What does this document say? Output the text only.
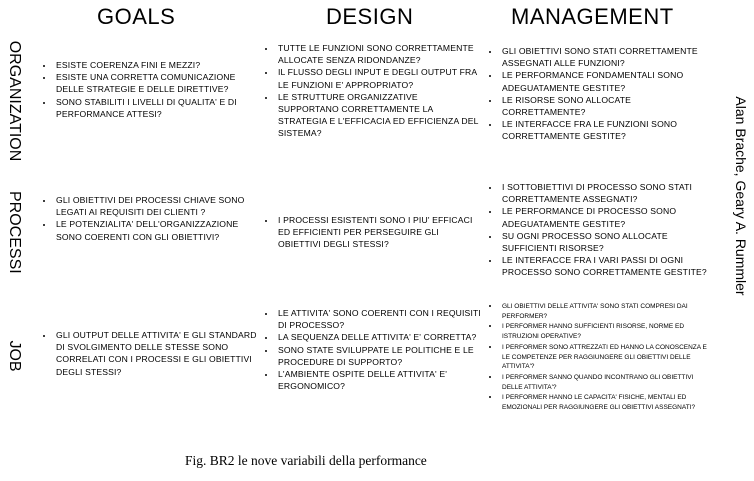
GOALS	DESIGN	MANAGEMENT
ORGANIZATION
PROCESSI
JOB
Alan Brache, Geary A. Rummler
• ESISTE COERENZA FINI E MEZZI?
• ESISTE UNA CORRETTA COMUNICAZIONE DELLE STRATEGIE E DELLE DIRETTIVE?
• SONO STABILITI I LIVELLI DI QUALITA' E DI PERFORMANCE ATTESI?
• TUTTE LE FUNZIONI SONO CORRETTAMENTE ALLOCATE SENZA RIDONDANZE?
• IL FLUSSO DEGLI INPUT E DEGLI OUTPUT FRA LE FUNZIONI E' APPROPRIATO?
• LE STRUTTURE ORGANIZZATIVE SUPPORTANO CORRETTAMENTE LA STRATEGIA E L'EFFICACIA ED EFFICIENZA DEL SISTEMA?
• GLI OBIETTIVI SONO STATI CORRETTAMENTE ASSEGNATI ALLE FUNZIONI?
• LE PERFORMANCE FONDAMENTALI SONO ADEGUATAMENTE GESTITE?
• LE RISORSE SONO ALLOCATE CORRETTAMENTE?
• LE INTERFACCE FRA LE FUNZIONI SONO CORRETTAMENTE GESTITE?
• GLI OBIETTIVI DEI PROCESSI CHIAVE SONO LEGATI AI REQUISITI DEI CLIENTI ?
• LE POTENZIALITA' DELL'ORGANIZZAZIONE SONO COERENTI CON GLI OBIETTIVI?
• I PROCESSI ESISTENTI SONO I PIU' EFFICACI ED EFFICIENTI PER PERSEGUIRE GLI OBIETTIVI DEGLI STESSI?
• I SOTTOBIETTIVI DI PROCESSO SONO STATI CORRETTAMENTE ASSEGNATI?
• LE PERFORMANCE DI PROCESSO SONO ADEGUATAMENTE GESTITE?
• SU OGNI PROCESSO SONO ALLOCATE SUFFICIENTI RISORSE?
• LE INTERFACCE FRA I VARI PASSI DI OGNI PROCESSO SONO CORRETTAMENTE GESTITE?
• GLI OUTPUT DELLE ATTIVITA' E GLI STANDARD DI SVOLGIMENTO DELLE STESSE SONO CORRELATI CON I PROCESSI E GLI OBIETTIVI DEGLI STESSI?
• LE ATTIVITA' SONO COERENTI CON I REQUISITI DI PROCESSO?
• LA SEQUENZA DELLE ATTIVITA' E' CORRETTA?
• SONO STATE SVILUPPATE LE POLITICHE E LE PROCEDURE DI SUPPORTO?
• L'AMBIENTE OSPITE DELLE ATTIVITA' E' ERGONOMICO?
• GLI OBIETTIVI DELLE ATTIVITA' SONO STATI COMPRESI DAI PERFORMER?
• I PERFORMER HANNO SUFFICIENTI RISORSE, NORME ED ISTRUZIONI OPERATIVE?
• I PERFORMER SONO ATTREZZATI ED HANNO LA CONOSCENZA E LE COMPETENZE PER RAGGIUNGERE GLI OBIETTIVI DELLE ATTIVITA'?
• I PERFORMER SANNO QUANDO INCONTRANO GLI OBIETTIVI DELLE ATTIVITA'?
• I PERFORMER HANNO LE CAPACITA' FISICHE, MENTALI ED EMOZIONALI PER RAGGIUNGERE GLI OBIETTIVI ASSEGNATI?
Fig. BR2 le nove variabili della performance
